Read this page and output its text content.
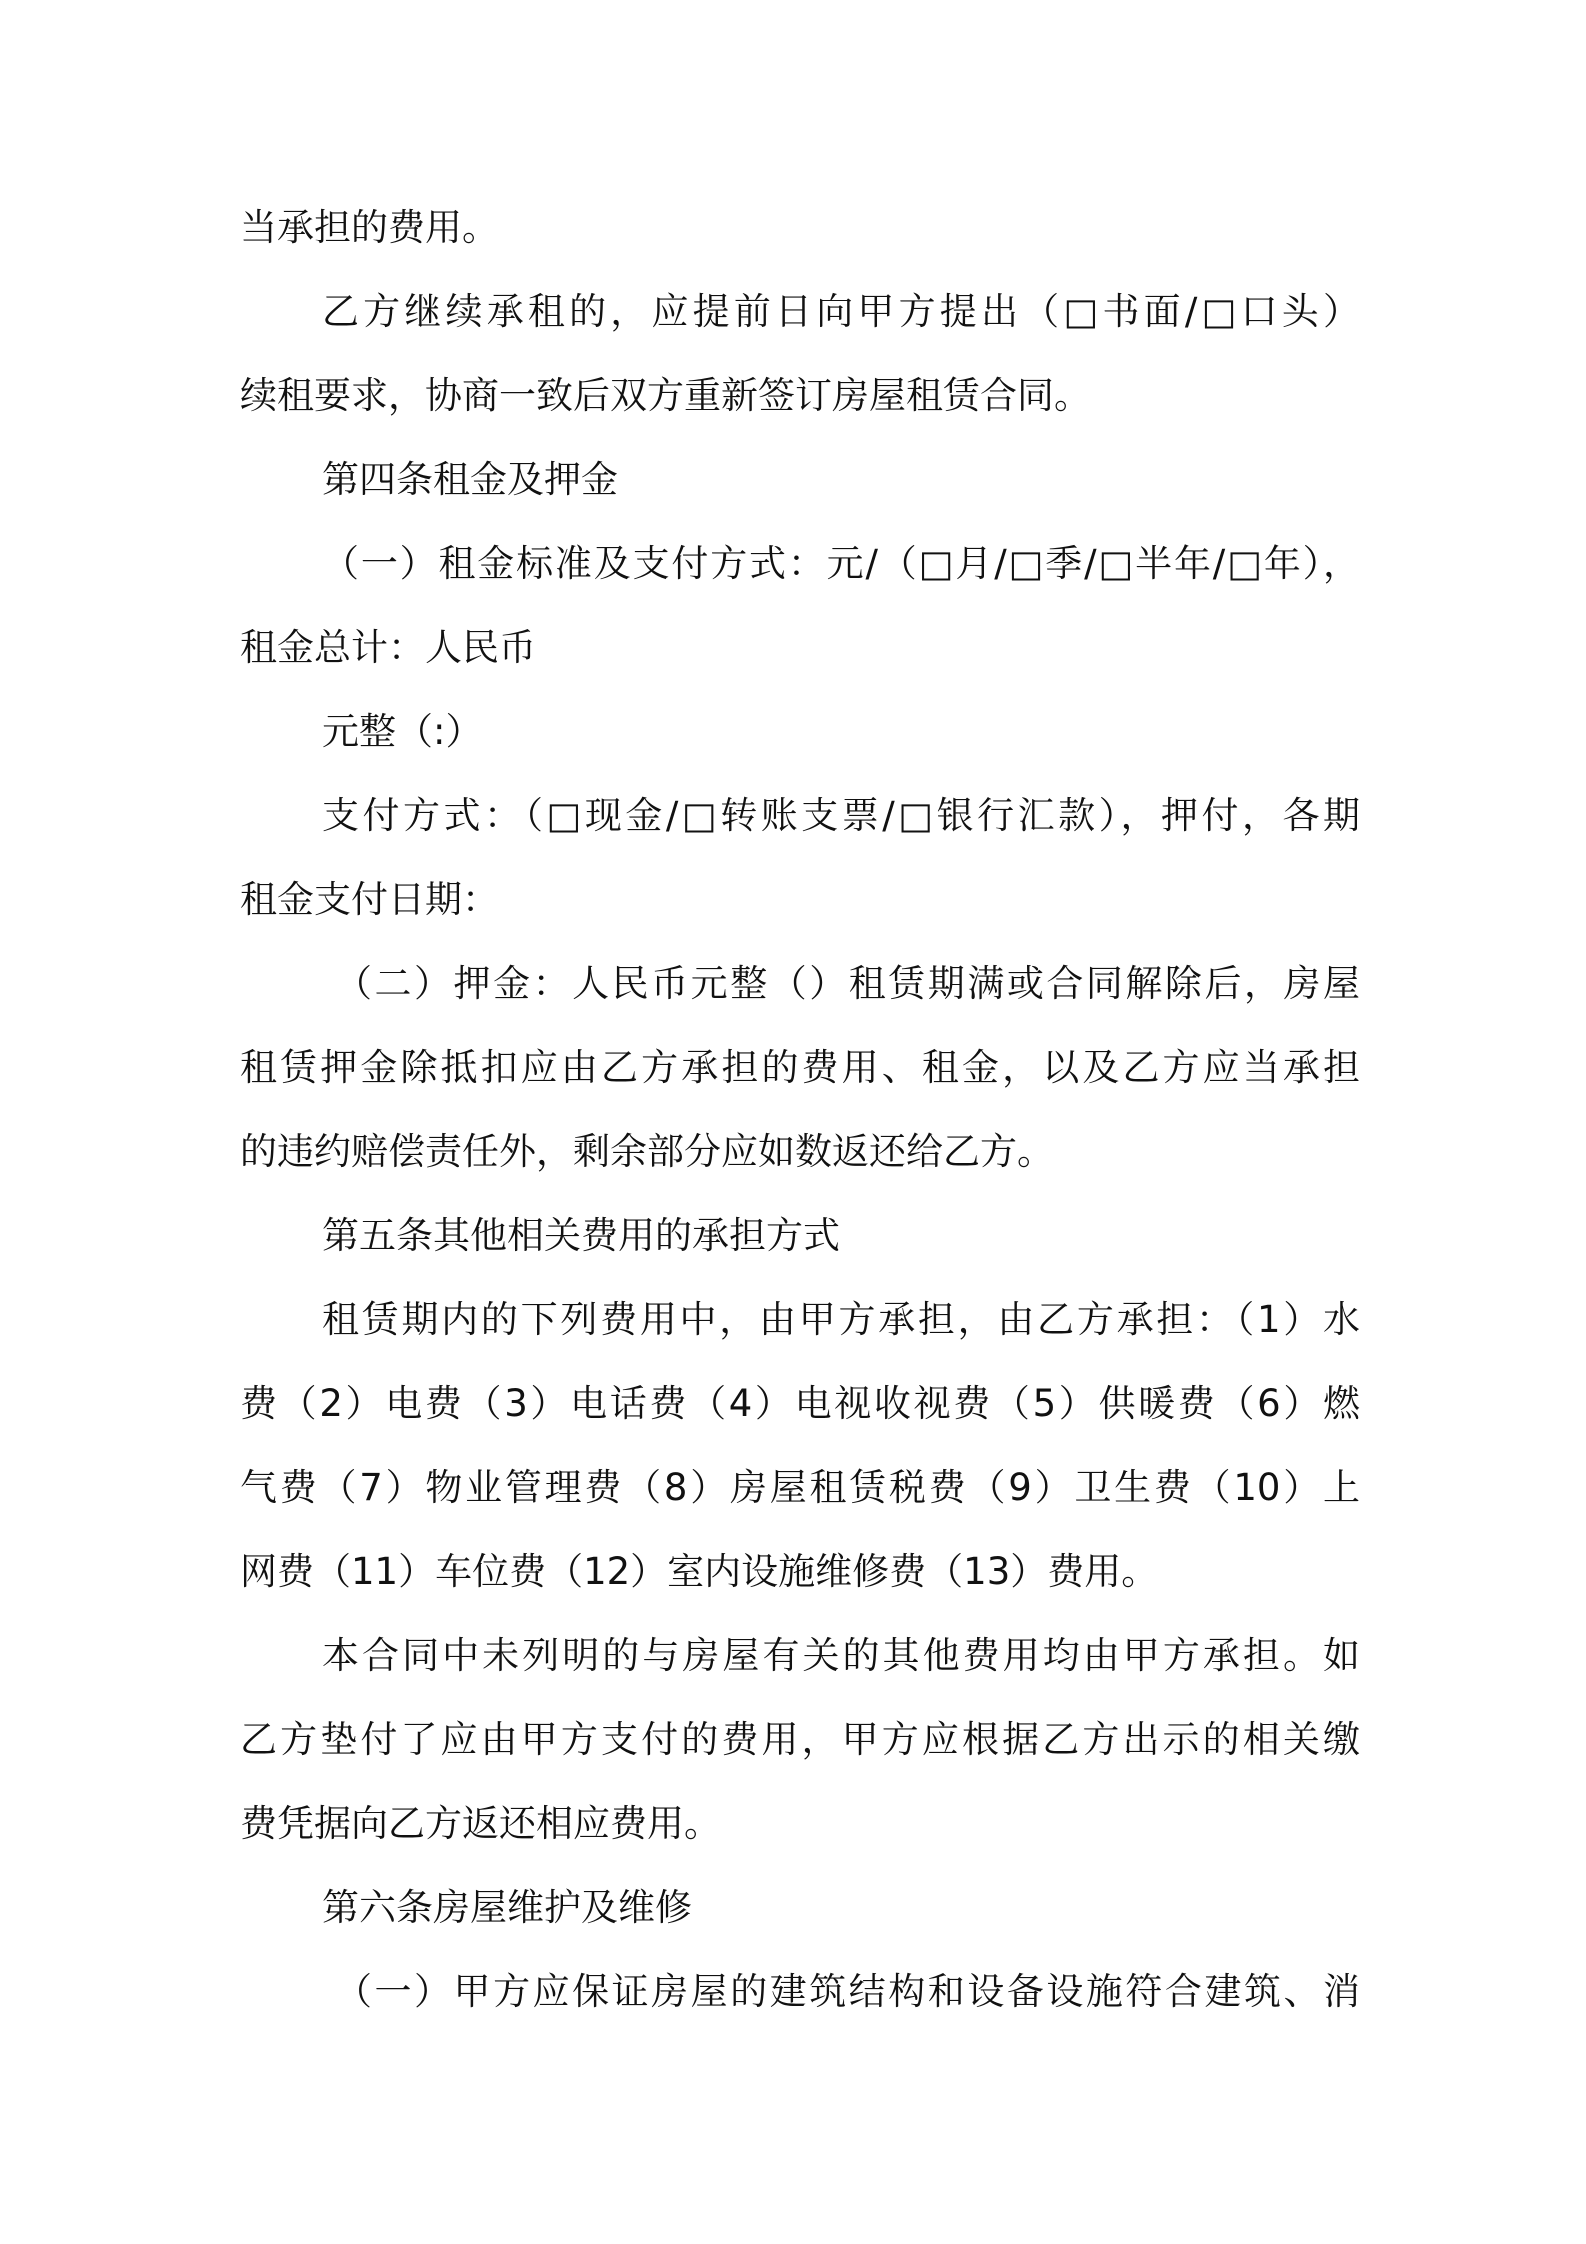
当承担的费用。
乙方继续承租的，应提前日向甲方提出（□书面/□口头）
续租要求，协商一致后双方重新签订房屋租赁合同。
第四条租金及押金
（一）租金标准及支付方式：元/（□月/□季/□半年/□年），
租金总计：人民币
元整（:）
支付方式：（□现金/□转账支票/□银行汇款），押付，各期
租金支付日期：
（二）押金：人民币元整（）租赁期满或合同解除后，房屋
租赁押金除抵扣应由乙方承担的费用、租金，以及乙方应当承担
的违约赔偿责任外，剩余部分应如数返还给乙方。
第五条其他相关费用的承担方式
租赁期内的下列费用中，由甲方承担，由乙方承担：（1）水
费（2）电费（3）电话费（4）电视收视费（5）供暖费（6）燃
气费（7）物业管理费（8）房屋租赁税费（9）卫生费（10）上
网费（11）车位费（12）室内设施维修费（13）费用。
本合同中未列明的与房屋有关的其他费用均由甲方承担。如
乙方垫付了应由甲方支付的费用，甲方应根据乙方出示的相关缴
费凭据向乙方返还相应费用。
第六条房屋维护及维修
（一）甲方应保证房屋的建筑结构和设备设施符合建筑、消
